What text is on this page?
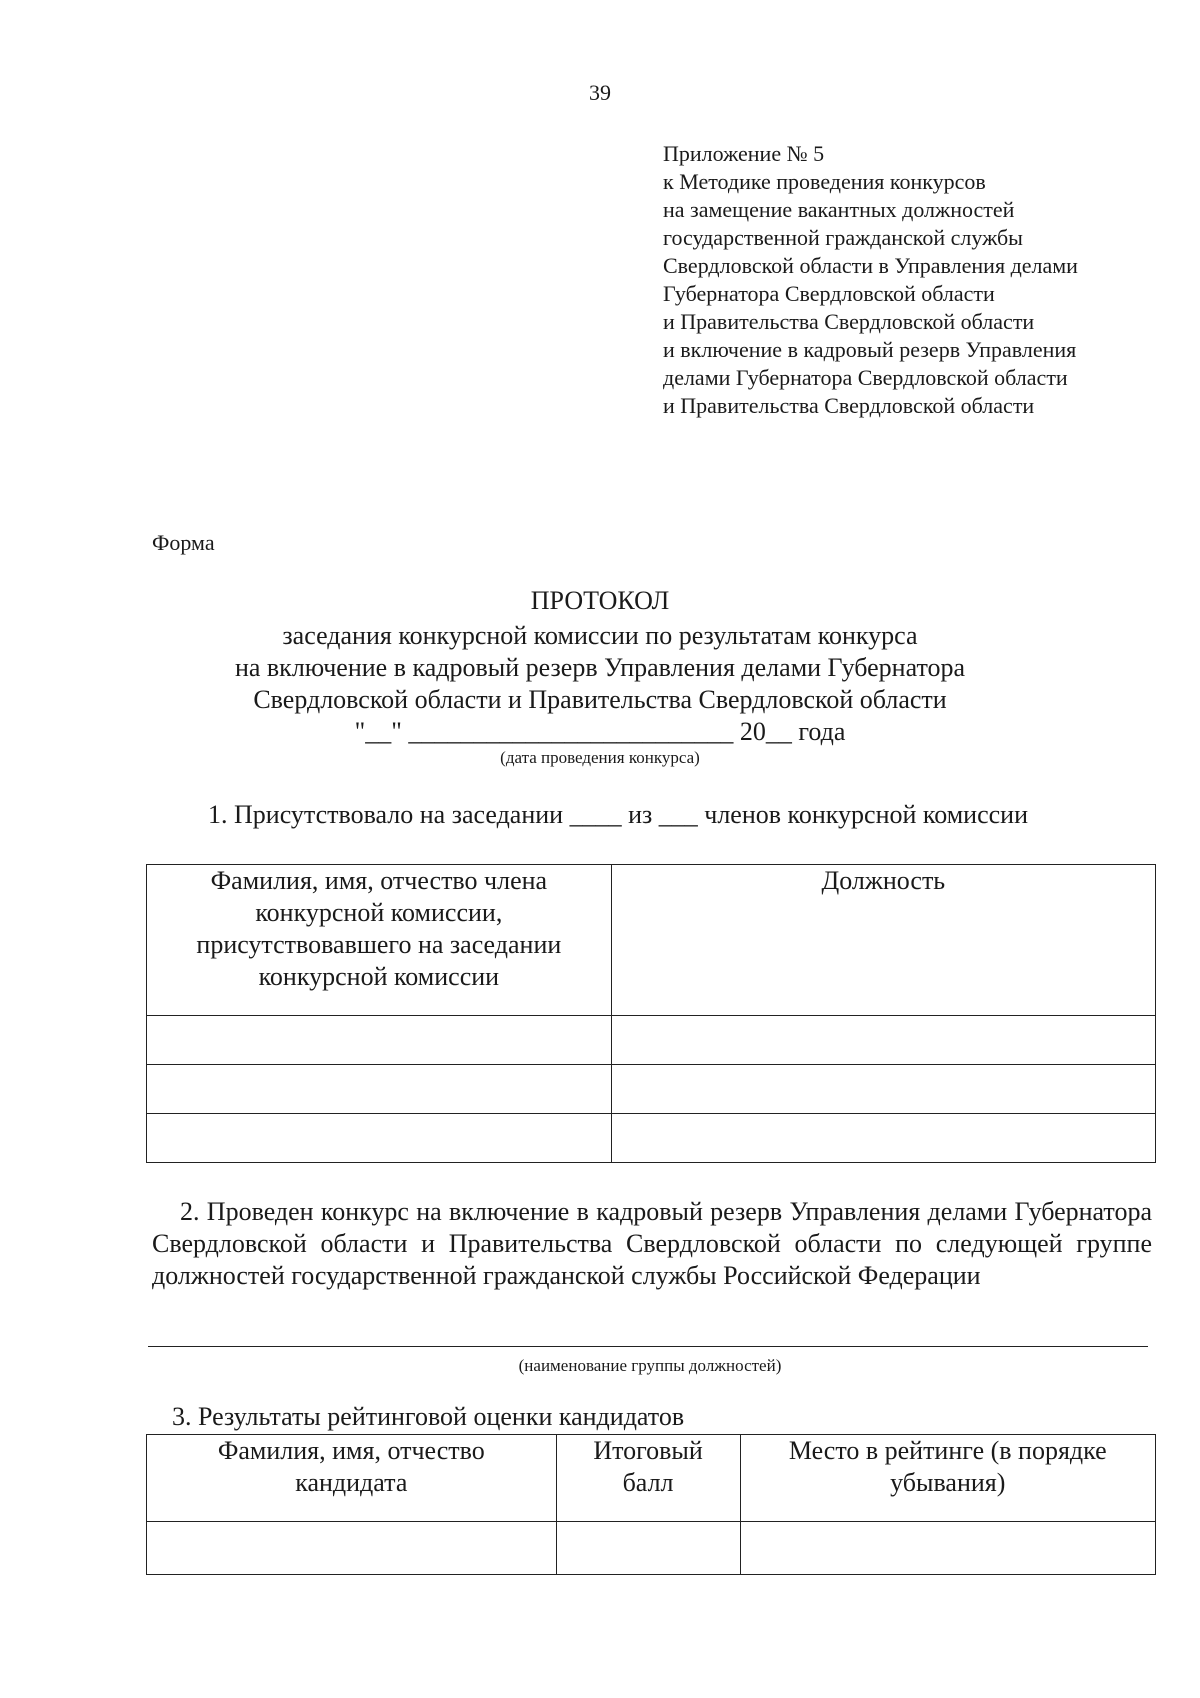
39
Приложение № 5
к Методике проведения конкурсов
на замещение вакантных должностей
государственной гражданской службы
Свердловской области в Управления делами
Губернатора Свердловской области
и Правительства Свердловской области
и включение в кадровый резерв Управления
делами Губернатора Свердловской области
и Правительства Свердловской области
Форма
ПРОТОКОЛ
заседания конкурсной комиссии по результатам конкурса
на включение в кадровый резерв Управления делами Губернатора
Свердловской области и Правительства Свердловской области
"__" _________________________ 20__ года
(дата проведения конкурса)
1. Присутствовало на заседании ____ из ___ членов конкурсной комиссии
Фамилия, имя, отчество члена конкурсной комиссии, присутствовавшего на заседании конкурсной комиссии	Должность

2. Проведен конкурс на включение в кадровый резерв Управления делами Губернатора Свердловской области и Правительства Свердловской области по следующей группе должностей государственной гражданской службы Российской Федерации
(наименование группы должностей)
3. Результаты рейтинговой оценки кандидатов
Фамилия, имя, отчество кандидата	Итоговый балл	Место в рейтинге (в порядке убывания)
